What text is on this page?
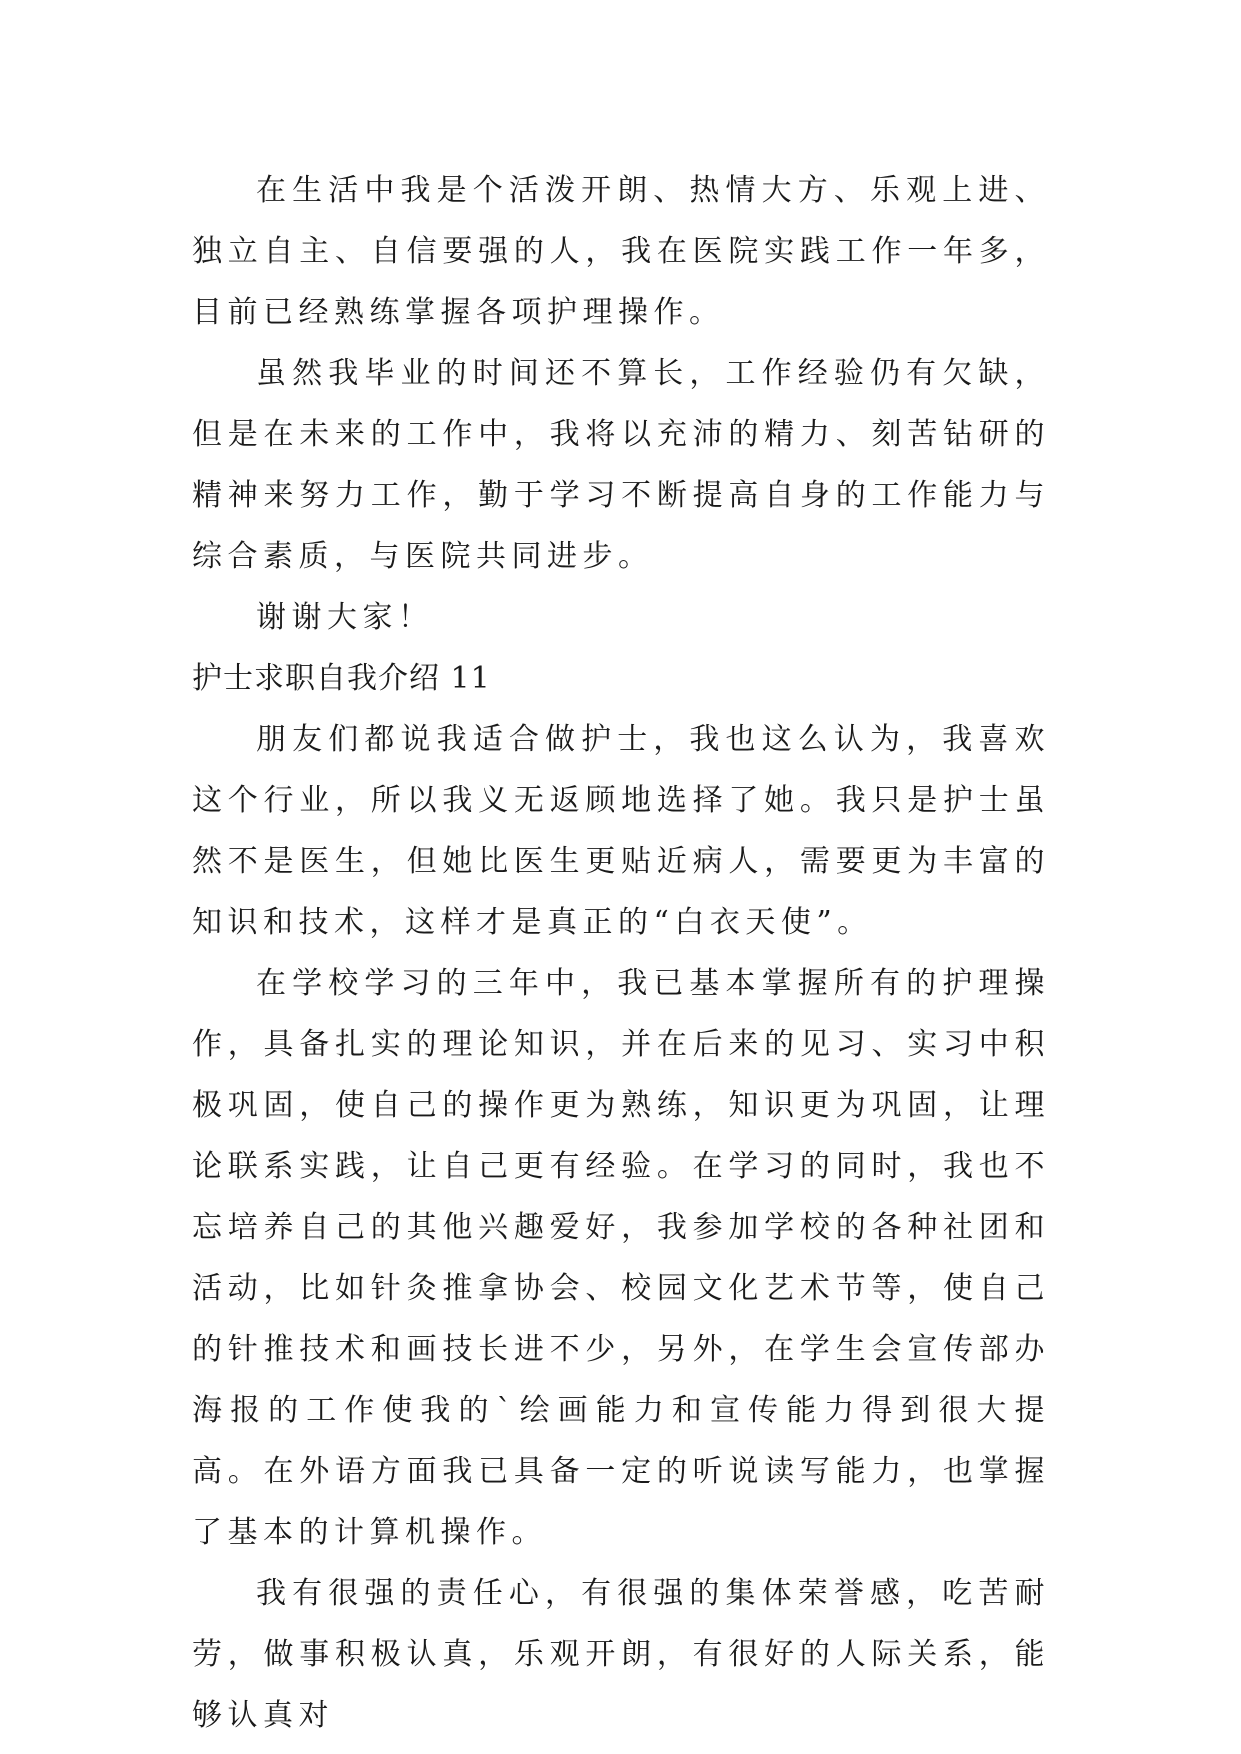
在生活中我是个活泼开朗、热情大方、乐观上进、独立自主、自信要强的人，我在医院实践工作一年多，目前已经熟练掌握各项护理操作。

虽然我毕业的时间还不算长，工作经验仍有欠缺，但是在未来的工作中，我将以充沛的精力、刻苦钻研的精神来努力工作，勤于学习不断提高自身的工作能力与综合素质，与医院共同进步。

谢谢大家！

护士求职自我介绍 11

朋友们都说我适合做护士，我也这么认为，我喜欢这个行业，所以我义无返顾地选择了她。我只是护士虽然不是医生，但她比医生更贴近病人，需要更为丰富的知识和技术，这样才是真正的“白衣天使”。

在学校学习的三年中，我已基本掌握所有的护理操作，具备扎实的理论知识，并在后来的见习、实习中积极巩固，使自己的操作更为熟练，知识更为巩固，让理论联系实践，让自己更有经验。在学习的同时，我也不忘培养自己的其他兴趣爱好，我参加学校的各种社团和活动，比如针灸推拿协会、校园文化艺术节等，使自己的针推技术和画技长进不少，另外，在学生会宣传部办海报的工作使我的`绘画能力和宣传能力得到很大提高。在外语方面我已具备一定的听说读写能力，也掌握了基本的计算机操作。

我有很强的责任心，有很强的集体荣誉感，吃苦耐劳，做事积极认真，乐观开朗，有很好的人际关系，能够认真对
